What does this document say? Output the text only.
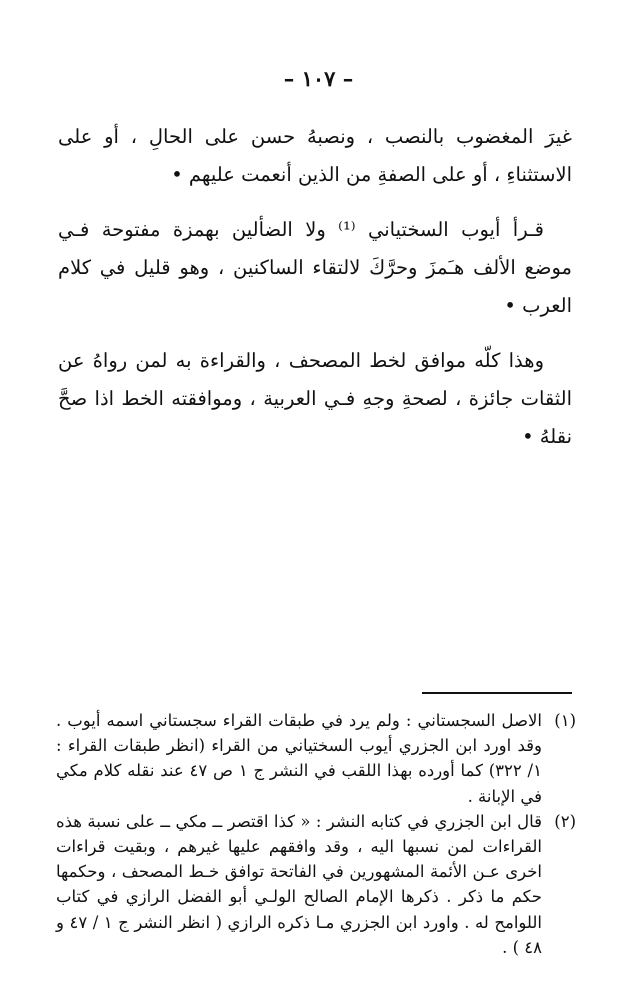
– ١٠٧ –

غيرَ المغضوب بالنصب ، ونصبهُ حسن على الحالِ ، أو على الاستثناءِ ، أو على الصفةِ من الذين أنعمت عليهم •

قـرأ أيوب السختياني ⁽¹⁾ ولا الضألين بهمزة مفتوحة فـي موضع الألف هـَمزَ وحرَّكَ لالتقاء الساكنين ، وهو قليل في كلام العرب •

وهذا كلّه موافق لخط المصحف ، والقراءة به لمن رواهُ عن الثقات جائزة ، لصحةِ وجهِ فـي العربية ، وموافقته الخط اذا صحَّ نقلهُ •

(١)
الاصل السجستاني : ولم يرد في طبقات القراء سجستاني اسمه أيوب . وقد اورد ابن الجزري أيوب السختياني من القراء (انظر طبقات القراء : ١/ ٣٢٢) كما أورده بهذا اللقب في النشر ج ١ ص ٤٧ عند نقله كلام مكي في الإبانة .

(٢)
قال ابن الجزري في كتابه النشر : « كذا اقتصر ــ مكي ــ على نسبة هذه القراءات لمن نسبها اليه ، وقد وافقهم عليها غيرهم ، وبقيت قراءات اخرى عـن الأئمة المشهورين في الفاتحة توافق خـط المصحف ، وحكمها حكم ما ذكر . ذكرها الإمام الصالح الولـي أبو الفضل الرازي في كتاب اللوامح له . واورد ابن الجزري مـا ذكره الرازي ( انظر النشر ج ١ / ٤٧ و ٤٨ ) .
